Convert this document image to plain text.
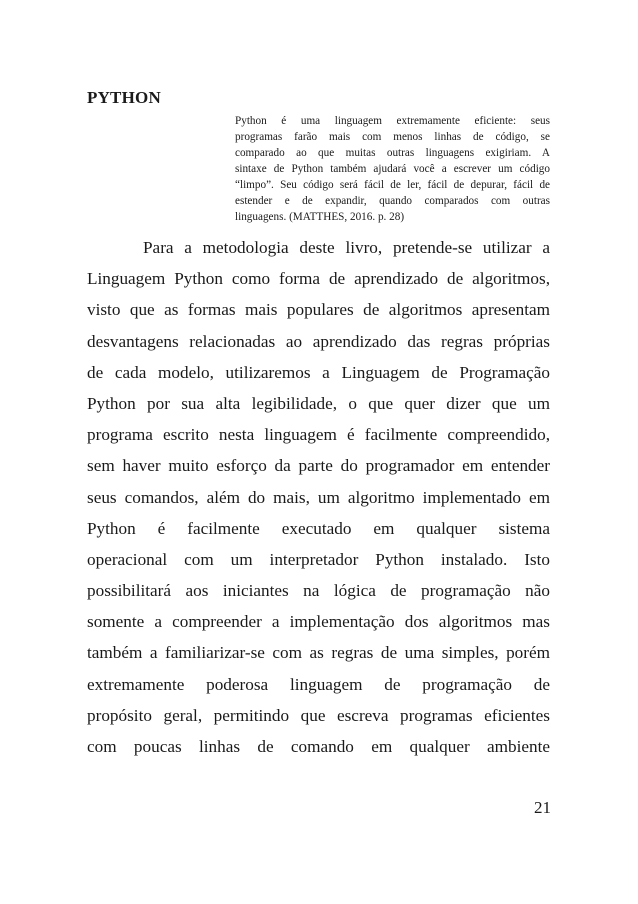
PYTHON
Python é uma linguagem extremamente eficiente: seus
programas farão mais com menos linhas de código, se
comparado ao que muitas outras linguagens exigiriam. A
sintaxe de Python também ajudará você a escrever um código
“limpo”. Seu código será fácil de ler, fácil de depurar, fácil de
estender e de expandir, quando comparados com outras
linguagens. (MATTHES, 2016. p. 28)
Para a metodologia deste livro, pretende-se utilizar a
Linguagem Python como forma de aprendizado de algoritmos,
visto que as formas mais populares de algoritmos apresentam
desvantagens relacionadas ao aprendizado das regras próprias
de cada modelo, utilizaremos a Linguagem de Programação
Python por sua alta legibilidade, o que quer dizer que um
programa escrito nesta linguagem é facilmente compreendido,
sem haver muito esforço da parte do programador em entender
seus comandos, além do mais, um algoritmo implementado em
Python é facilmente executado em qualquer sistema
operacional com um interpretador Python instalado. Isto
possibilitará aos iniciantes na lógica de programação não
somente a compreender a implementação dos algoritmos mas
também a familiarizar-se com as regras de uma simples, porém
extremamente poderosa linguagem de programação de
propósito geral, permitindo que escreva programas eficientes
com poucas linhas de comando em qualquer ambiente

21
